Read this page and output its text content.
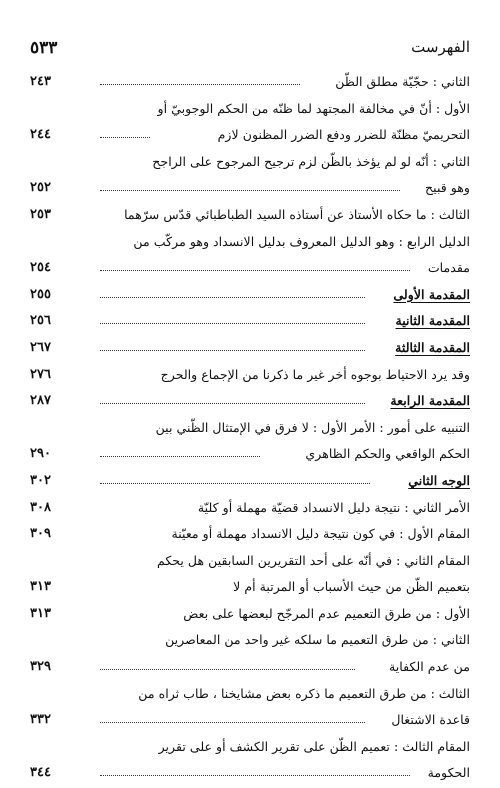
٥٣٣	الفهرست
الثاني : حجّيّة مطلق الظّن
٢٤٣
الأول : أنّ في مخالفة المجتهد لما ظنّه من الحكم الوجوبيّ أو
التحريميّ مظنّة للضرر ودفع الضرر المظنون لازم
٢٤٤
الثاني : أنّه لو لم يؤخذ بالظّن لزم ترجيح المرجوح على الراجح
وهو قبيح
٢٥٢
الثالث : ما حكاه الأستاذ عن أستاذه السيد الطباطبائي قدّس سرّهما
٢٥٣
الدليل الرابع : وهو الدليل المعروف بدليل الانسداد وهو مركّب من
مقدمات
٢٥٤
المقدمة الأولى
٢٥٥
المقدمة الثانية
٢٥٦
المقدمة الثالثة
٢٦٧
وقد يرد الاحتياط بوجوه أخر غير ما ذكرنا من الإجماع والحرج
٢٧٦
المقدمة الرابعة
٢٨٧
التنبيه على أمور : الأمر الأول : لا فرق في الإمتثال الظّني بين
الحكم الواقعي والحكم الظاهري
٢٩٠
الوجه الثاني
٣٠٢
الأمر الثاني : نتيجة دليل الانسداد قضيّة مهملة أو كليّة
٣٠٨
المقام الأول : في كون نتيجة دليل الانسداد مهملة أو معيّنة
٣٠٩
المقام الثاني : في أنّه على أحد التقريرين السابقين هل يحكم
بتعميم الظّن من حيث الأسباب أو المرتبة أم لا
٣١٣
الأول : من طرق التعميم عدم المرجّح لبعضها على بعض
٣١٣
الثاني : من طرق التعميم ما سلكه غير واحد من المعاصرين
من عدم الكفاية
٣٢٩
الثالث : من طرق التعميم ما ذكره بعض مشايخنا ، طاب ثراه من
قاعدة الاشتغال
٣٣٢
المقام الثالث : تعميم الظّن على تقرير الكشف أو على تقرير
الحكومة
٣٤٤
